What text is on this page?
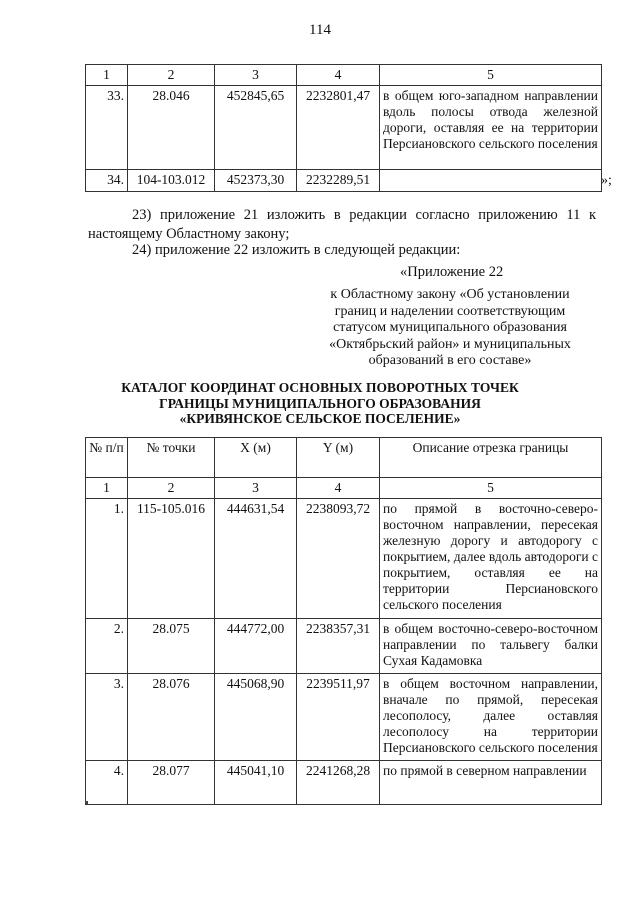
114
1	2	3	4	5
33.	28.046	452845,65	2232801,47	в общем юго-западном направлении вдоль полосы отвода железной дороги, оставляя ее на территории Персиановского сельского поселения
34.	104-103.012	452373,30	2232289,51		»;
23) приложение 21 изложить в редакции согласно приложению 11 к настоящему Областному закону;
24) приложение 22 изложить в следующей редакции:
«Приложение 22
к Областному закону «Об установлении границ и наделении соответствующим статусом муниципального образования «Октябрьский район» и муниципальных образований в его составе»
КАТАЛОГ КООРДИНАТ ОСНОВНЫХ ПОВОРОТНЫХ ТОЧЕК ГРАНИЦЫ МУНИЦИПАЛЬНОГО ОБРАЗОВАНИЯ «КРИВЯНСКОЕ СЕЛЬСКОЕ ПОСЕЛЕНИЕ»
№ п/п	№ точки	X (м)	Y (м)	Описание отрезка границы
1	2	3	4	5
1.	115-105.016	444631,54	2238093,72	по прямой в восточно-северо-восточном направлении, пересекая железную дорогу и автодорогу с покрытием, далее вдоль автодороги с покрытием, оставляя ее на территории Персиановского сельского поселения
2.	28.075	444772,00	2238357,31	в общем восточно-северо-восточном направлении по тальвегу балки Сухая Кадамовка
3.	28.076	445068,90	2239511,97	в общем восточном направлении, вначале по прямой, пересекая лесополосу, далее оставляя лесополосу на территории Персиановского сельского поселения
4.	28.077	445041,10	2241268,28	по прямой в северном направлении
